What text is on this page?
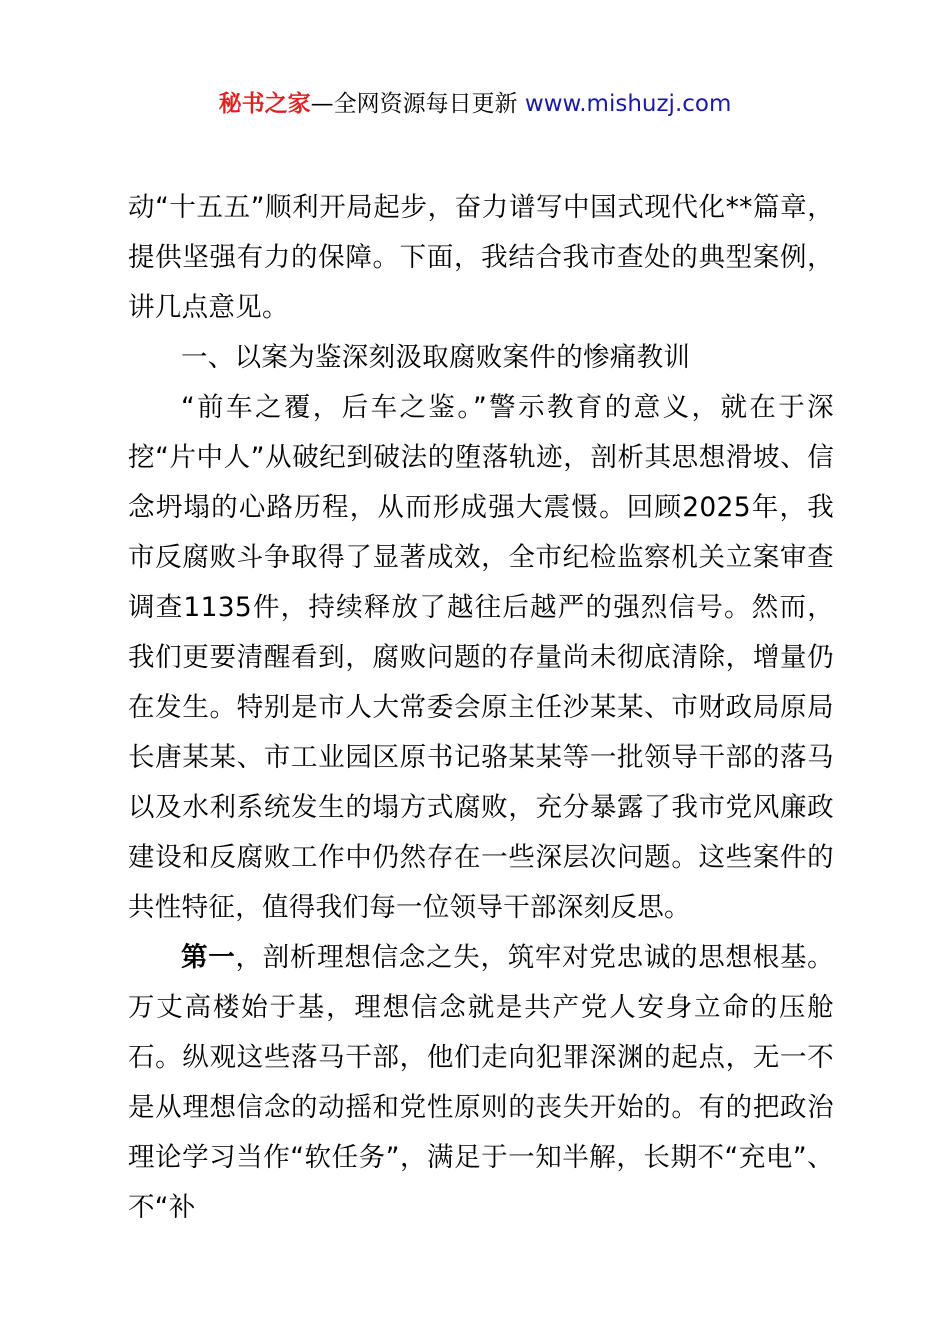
秘书之家—全网资源每日更新 www.mishuzj.com

动“十五五”顺利开局起步，奋力谱写中国式现代化**篇章，提供坚强有力的保障。下面，我结合我市查处的典型案例，讲几点意见。

一、以案为鉴深刻汲取腐败案件的惨痛教训

“前车之覆，后车之鉴。”警示教育的意义，就在于深挖“片中人”从破纪到破法的堕落轨迹，剖析其思想滑坡、信念坍塌的心路历程，从而形成强大震慑。回顾2025年，我市反腐败斗争取得了显著成效，全市纪检监察机关立案审查调查1135件，持续释放了越往后越严的强烈信号。然而，我们更要清醒看到，腐败问题的存量尚未彻底清除，增量仍在发生。特别是市人大常委会原主任沙某某、市财政局原局长唐某某、市工业园区原书记骆某某等一批领导干部的落马以及水利系统发生的塌方式腐败，充分暴露了我市党风廉政建设和反腐败工作中仍然存在一些深层次问题。这些案件的共性特征，值得我们每一位领导干部深刻反思。

第一，剖析理想信念之失，筑牢对党忠诚的思想根基。万丈高楼始于基，理想信念就是共产党人安身立命的压舱石。纵观这些落马干部，他们走向犯罪深渊的起点，无一不是从理想信念的动摇和党性原则的丧失开始的。有的把政治理论学习当作“软任务”，满足于一知半解，长期不“充电”、不“补
